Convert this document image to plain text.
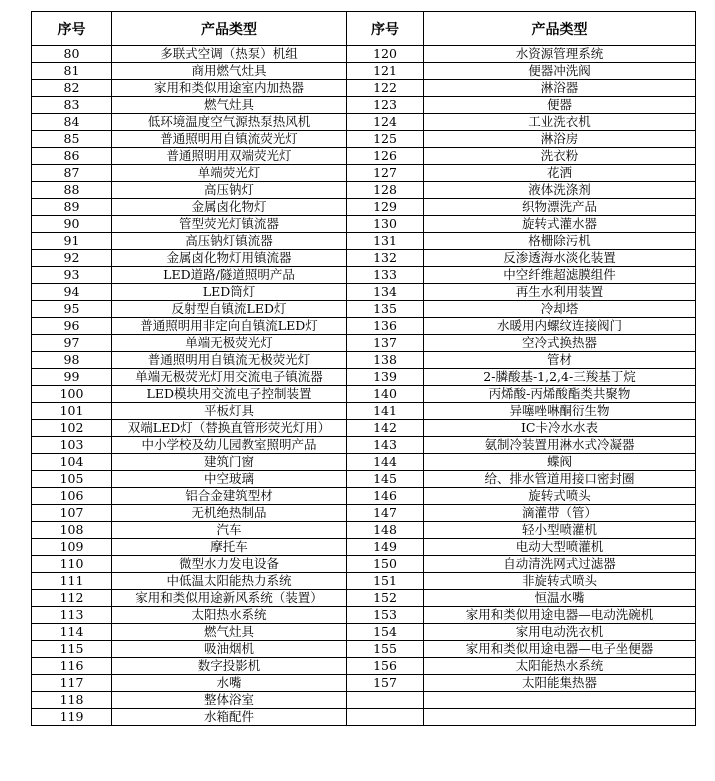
序号	产品类型	序号	产品类型
80	多联式空调（热泵）机组	120	水资源管理系统
81	商用燃气灶具	121	便器冲洗阀
82	家用和类似用途室内加热器	122	淋浴器
83	燃气灶具	123	便器
84	低环境温度空气源热泵热风机	124	工业洗衣机
85	普通照明用自镇流荧光灯	125	淋浴房
86	普通照明用双端荧光灯	126	洗衣粉
87	单端荧光灯	127	花洒
88	高压钠灯	128	液体洗涤剂
89	金属卤化物灯	129	织物漂洗产品
90	管型荧光灯镇流器	130	旋转式灌水器
91	高压钠灯镇流器	131	格栅除污机
92	金属卤化物灯用镇流器	132	反渗透海水淡化装置
93	LED道路/隧道照明产品	133	中空纤维超滤膜组件
94	LED筒灯	134	再生水利用装置
95	反射型自镇流LED灯	135	冷却塔
96	普通照明用非定向自镇流LED灯	136	水暖用内螺纹连接阀门
97	单端无极荧光灯	137	空冷式换热器
98	普通照明用自镇流无极荧光灯	138	管材
99	单端无极荧光灯用交流电子镇流器	139	2-膦酸基-1,2,4-三羧基丁烷
100	LED模块用交流电子控制装置	140	丙烯酸-丙烯酸酯类共聚物
101	平板灯具	141	异噻唑啉酮衍生物
102	双端LED灯（替换直管形荧光灯用）	142	IC卡冷水水表
103	中小学校及幼儿园教室照明产品	143	氨制冷装置用淋水式冷凝器
104	建筑门窗	144	蝶阀
105	中空玻璃	145	给、排水管道用接口密封圈
106	铝合金建筑型材	146	旋转式喷头
107	无机绝热制品	147	滴灌带（管）
108	汽车	148	轻小型喷灌机
109	摩托车	149	电动大型喷灌机
110	微型水力发电设备	150	自动清洗网式过滤器
111	中低温太阳能热力系统	151	非旋转式喷头
112	家用和类似用途新风系统（装置）	152	恒温水嘴
113	太阳热水系统	153	家用和类似用途电器—电动洗碗机
114	燃气灶具	154	家用电动洗衣机
115	吸油烟机	155	家用和类似用途电器—电子坐便器
116	数字投影机	156	太阳能热水系统
117	水嘴	157	太阳能集热器
118	整体浴室		
119	水箱配件		
